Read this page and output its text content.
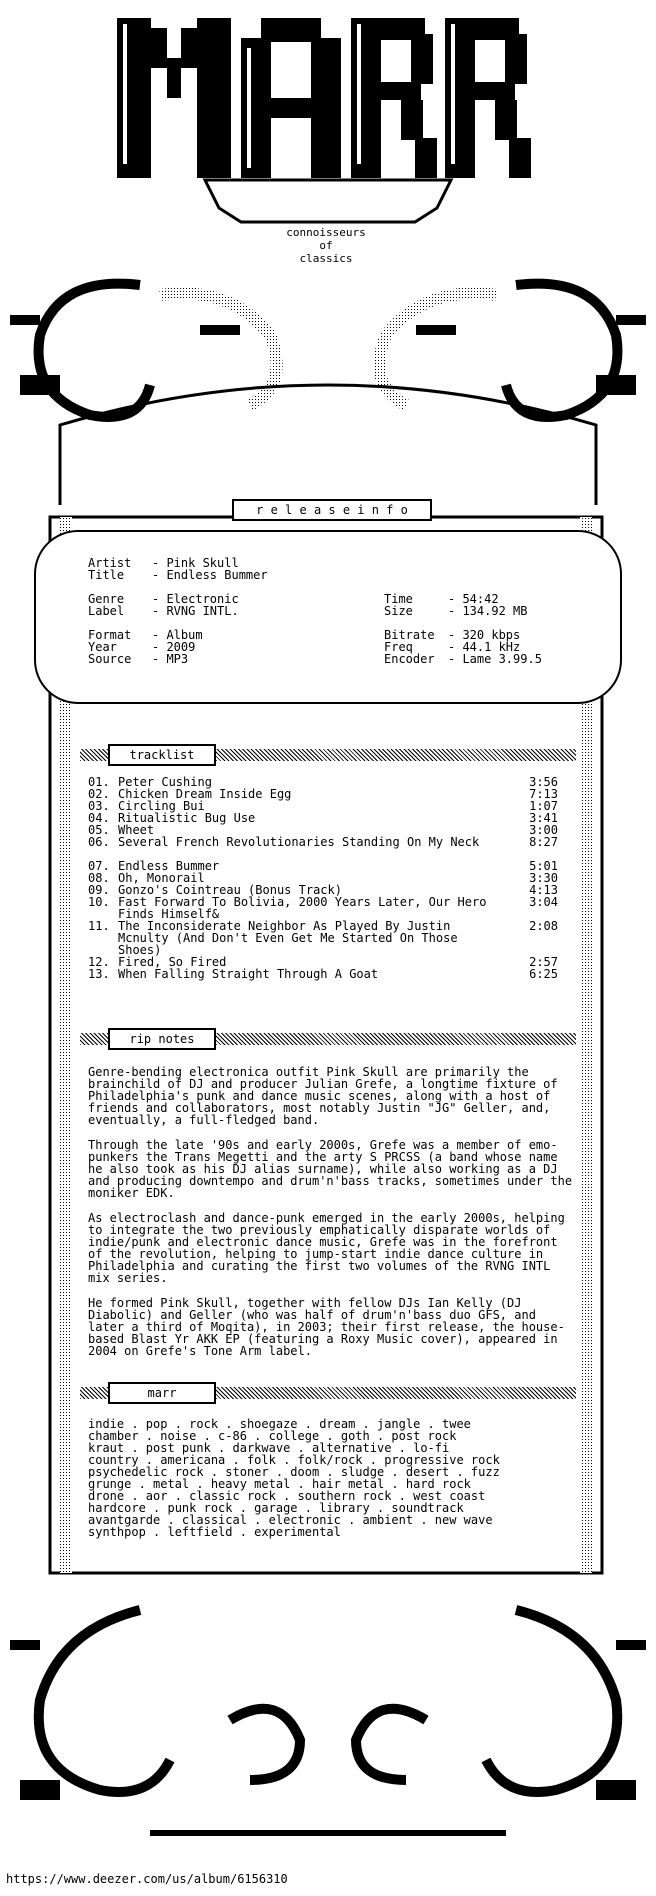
connoisseurs
of
classics
r e l e a s e i n f o
Artist - Pink Skull
Title - Endless Bummer
Genre - Electronic
Label - RVNG INTL.
Format - Album
Year	- 2009
Source - MP3
Time	- 54:42
Size	- 134.92 MB
Bitrate - 320 kbps
Freq	- 44.1 kHz
Encoder - Lame 3.99.5
tracklist
01. Peter Cushing	3:56
02. Chicken Dream Inside Egg	7:13
03. Circling Bui	1:07
04. Ritualistic Bug Use	3:41
05. Wheet	3:00
06. Several French Revolutionaries Standing On My Neck	8:27
07. Endless Bummer	5:01
08. Oh, Monorail	3:30
09. Gonzo's Cointreau (Bonus Track)	4:13
10. Fast Forward To Bolivia, 2000 Years Later, Our Hero Finds Himself&
3:04
11. The Inconsiderate Neighbor As Played By Justin Mcnulty (And Don't Even Get Me Started On Those Shoes)
2:08
12. Fired, So Fired	2:57
13. When Falling Straight Through A Goat	6:25
rip notes

Genre-bending electronica outfit Pink Skull are primarily the brainchild of DJ and producer Julian Grefe, a longtime fixture of Philadelphia's punk and dance music scenes, along with a host of friends and collaborators, most notably Justin "JG" Geller, and, eventually, a full-fledged band.

Through the late '90s and early 2000s, Grefe was a member of emo-punkers the Trans Megetti and the arty S PRCSS (a band whose name he also took as his DJ alias surname), while also working as a DJ and producing downtempo and drum'n'bass tracks, sometimes under the moniker EDK.

As electroclash and dance-punk emerged in the early 2000s, helping to integrate the two previously emphatically disparate worlds of indie/punk and electronic dance music, Grefe was in the forefront of the revolution, helping to jump-start indie dance culture in Philadelphia and curating the first two volumes of the RVNG INTL mix series.

He formed Pink Skull, together with fellow DJs Ian Kelly (DJ Diabolic) and Geller (who was half of drum'n'bass duo GFS, and later a third of Moqita), in 2003; their first release, the house-based Blast Yr AKK EP (featuring a Roxy Music cover), appeared in 2004 on Grefe's Tone Arm label.

marr
indie . pop . rock . shoegaze . dream . jangle . twee
chamber . noise . c-86 . college . goth . post rock
kraut . post punk . darkwave . alternative . lo-fi
country . americana . folk . folk/rock . progressive rock
psychedelic rock . stoner . doom . sludge . desert . fuzz
grunge . metal . heavy metal . hair metal . hard rock
drone . aor . classic rock . southern rock . west coast
hardcore . punk rock . garage . library . soundtrack
avantgarde . classical . electronic . ambient . new wave
synthpop . leftfield . experimental
https://www.deezer.com/us/album/6156310
